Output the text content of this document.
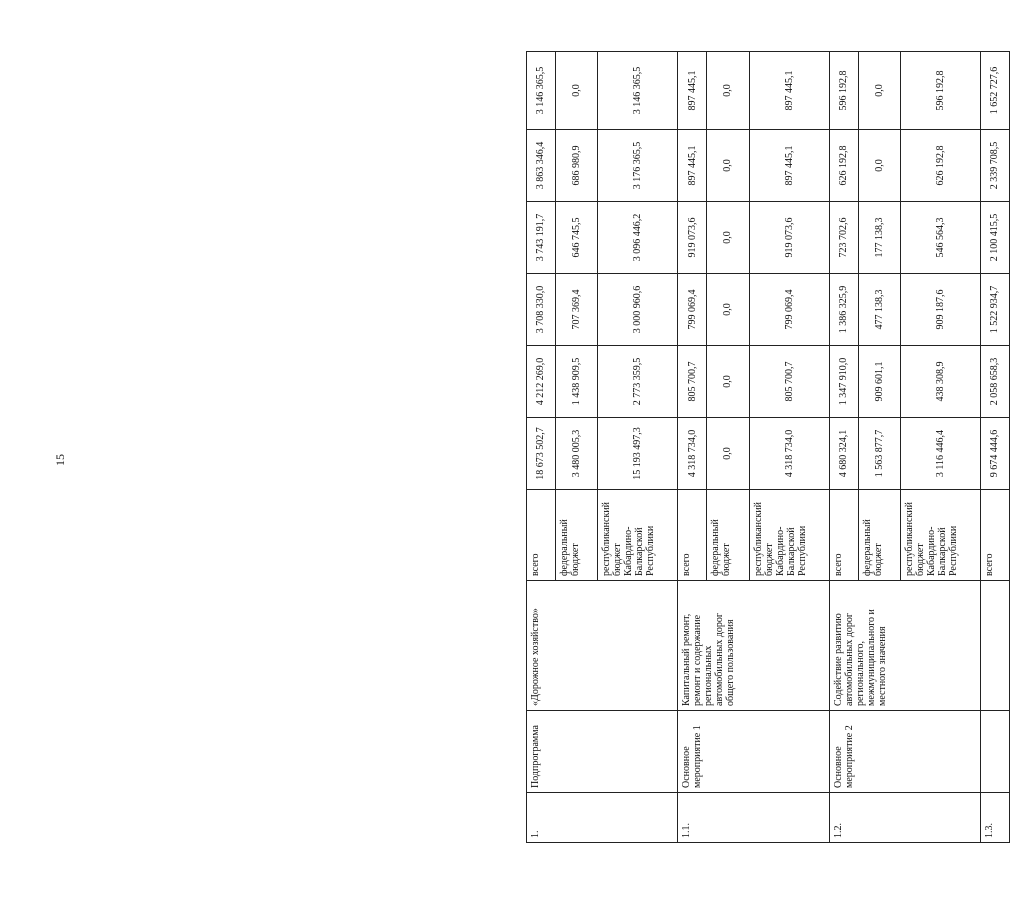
15
1.	Подпрограмма	«Дорожное хозяйство»	всего	18 673 502,7	4 212 269,0	3 708 330,0	3 743 191,7	3 863 346,4	3 146 365,5
			федеральный бюджет	3 480 005,3	1 438 909,5	707 369,4	646 745,5	686 980,9	0,0
			республиканский бюджет Кабардино-Балкарской Республики	15 193 497,3	2 773 359,5	3 000 960,6	3 096 446,2	3 176 365,5	3 146 365,5
1.1.	Основное мероприятие 1	Капитальный ремонт, ремонт и содержание региональных автомобильных дорог общего пользования	всего	4 318 734,0	805 700,7	799 069,4	919 073,6	897 445,1	897 445,1
			федеральный бюджет	0,0	0,0	0,0	0,0	0,0	0,0
			республиканский бюджет Кабардино-Балкарской Республики	4 318 734,0	805 700,7	799 069,4	919 073,6	897 445,1	897 445,1
1.2.	Основное мероприятие 2	Содействие развитию автомобильных дорог регионального, межмуниципального и местного значения	всего	4 680 324,1	1 347 910,0	1 386 325,9	723 702,6	626 192,8	596 192,8
			федеральный бюджет	1 563 877,7	909 601,1	477 138,3	177 138,3	0,0	0,0
			республиканский бюджет Кабардино-Балкарской Республики	3 116 446,4	438 308,9	909 187,6	546 564,3	626 192,8	596 192,8
1.3.			всего	9 674 444,6	2 058 658,3	1 522 934,7	2 100 415,5	2 339 708,5	1 652 727,6
